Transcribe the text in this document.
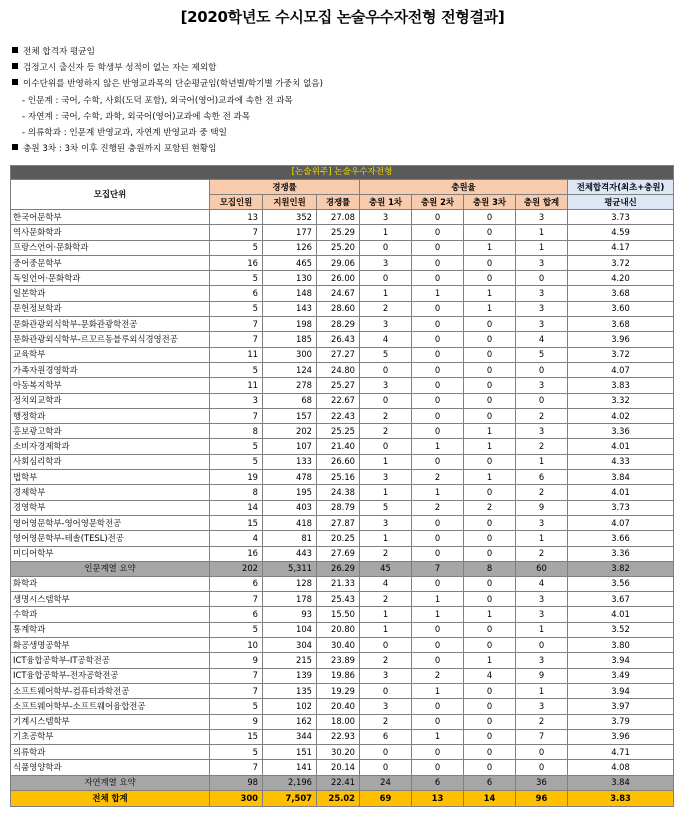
[2020학년도 수시모집 논술우수자전형 전형결과]
전체 합격자 평균임
검정고시 출신자 등 학생부 성적이 없는 자는 제외함
이수단위를 반영하지 않은 반영교과목의 단순평균임(학년별/학기별 가중치 없음)
- 인문계 : 국어, 수학, 사회(도덕 포함), 외국어(영어)교과에 속한 전 과목
- 자연계 : 국어, 수학, 과학, 외국어(영어)교과에 속한 전 과목
- 의류학과 : 인문계 반영교과, 자연계 반영교과 중 택일
충원 3차 : 3차 이후 진행된 충원까지 포함된 현황임
[논술위주] 논술우수자전형								
모집단위	경쟁률			충원율				전체합격자(최초+충원)
	모집인원	지원인원	경쟁률	충원 1차	충원 2차	충원 3차	충원 합계	평균내신
한국어문학부	13	352	27.08	3	0	0	3	3.73
역사문화학과	7	177	25.29	1	0	0	1	4.59
프랑스언어·문화학과	5	126	25.20	0	0	1	1	4.17
중어중문학부	16	465	29.06	3	0	0	3	3.72
독일언어·문화학과	5	130	26.00	0	0	0	0	4.20
일본학과	6	148	24.67	1	1	1	3	3.68
문헌정보학과	5	143	28.60	2	0	1	3	3.60
문화관광외식학부-문화관광학전공	7	198	28.29	3	0	0	3	3.68
문화관광외식학부-르꼬르동블루외식경영전공	7	185	26.43	4	0	0	4	3.96
교육학부	11	300	27.27	5	0	0	5	3.72
가족자원경영학과	5	124	24.80	0	0	0	0	4.07
아동복지학부	11	278	25.27	3	0	0	3	3.83
정치외교학과	3	68	22.67	0	0	0	0	3.32
행정학과	7	157	22.43	2	0	0	2	4.02
홍보광고학과	8	202	25.25	2	0	1	3	3.36
소비자경제학과	5	107	21.40	0	1	1	2	4.01
사회심리학과	5	133	26.60	1	0	0	1	4.33
법학부	19	478	25.16	3	2	1	6	3.84
경제학부	8	195	24.38	1	1	0	2	4.01
경영학부	14	403	28.79	5	2	2	9	3.73
영어영문학부-영어영문학전공	15	418	27.87	3	0	0	3	4.07
영어영문학부-테솔(TESL)전공	4	81	20.25	1	0	0	1	3.66
미디어학부	16	443	27.69	2	0	0	2	3.36
인문계열 요약	202	5,311	26.29	45	7	8	60	3.82
화학과	6	128	21.33	4	0	0	4	3.56
생명시스템학부	7	178	25.43	2	1	0	3	3.67
수학과	6	93	15.50	1	1	1	3	4.01
통계학과	5	104	20.80	1	0	0	1	3.52
화공생명공학부	10	304	30.40	0	0	0	0	3.80
ICT융합공학부-IT공학전공	9	215	23.89	2	0	1	3	3.94
ICT융합공학부-전자공학전공	7	139	19.86	3	2	4	9	3.49
소프트웨어학부-컴퓨터과학전공	7	135	19.29	0	1	0	1	3.94
소프트웨어학부-소프트웨어융합전공	5	102	20.40	3	0	0	3	3.97
기계시스템학부	9	162	18.00	2	0	0	2	3.79
기초공학부	15	344	22.93	6	1	0	7	3.96
의류학과	5	151	30.20	0	0	0	0	4.71
식품영양학과	7	141	20.14	0	0	0	0	4.08
자연계열 요약	98	2,196	22.41	24	6	6	36	3.84
전체 합계	300	7,507	25.02	69	13	14	96	3.83
